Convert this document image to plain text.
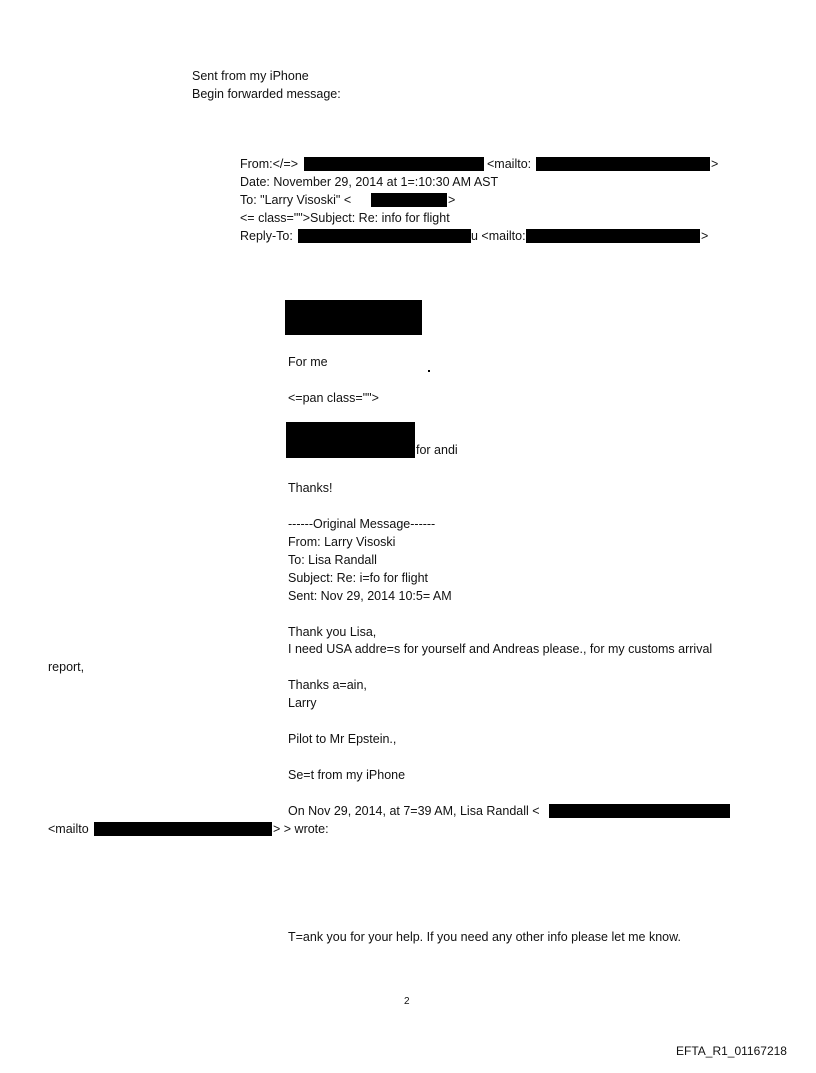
Sent from my iPhone
Begin forwarded message:
From:</=>	<mailto:	>
Date: November 29, 2014 at 1=:10:30 AM AST
To: "Larry Visoski" <	>
<= class="">Subject: Re: info for flight
Reply-To:	u <mailto:	>
For me
<=pan class="">
for andi
Thanks!
------Original Message------
From: Larry Visoski
To: Lisa Randall
Subject: Re: i=fo for flight
Sent: Nov 29, 2014 10:5= AM
Thank you Lisa,
I need USA addre=s for yourself and Andreas please., for my customs arrival
report,
Thanks a=ain,
Larry
Pilot to Mr Epstein.,
Se=t from my iPhone
On Nov 29, 2014, at 7=39 AM, Lisa Randall <
<mailto	> > wrote:
T=ank you for your help. If you need any other info please let me know.
2
EFTA_R1_01167218
